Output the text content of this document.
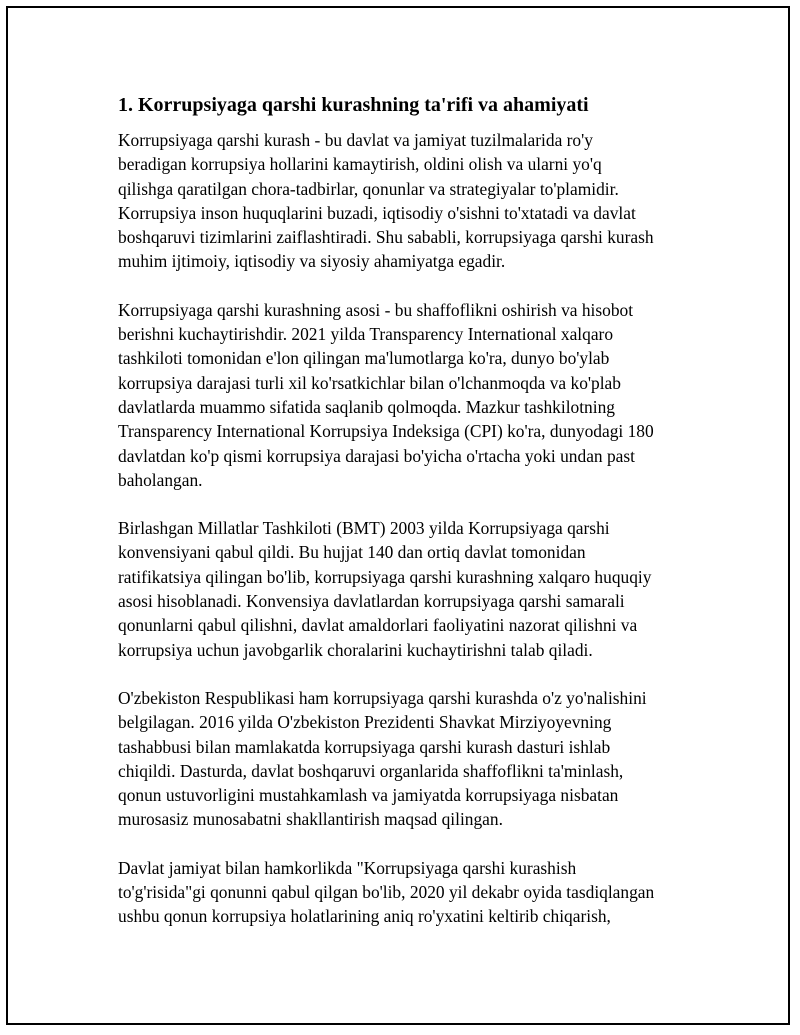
1. Korrupsiyaga qarshi kurashning ta'rifi va ahamiyati

Korrupsiyaga qarshi kurash - bu davlat va jamiyat tuzilmalarida ro'y
beradigan korrupsiya hollarini kamaytirish, oldini olish va ularni yo'q
qilishga qaratilgan chora-tadbirlar, qonunlar va strategiyalar to'plamidir.
Korrupsiya inson huquqlarini buzadi, iqtisodiy o'sishni to'xtatadi va davlat
boshqaruvi tizimlarini zaiflashtiradi. Shu sababli, korrupsiyaga qarshi kurash
muhim ijtimoiy, iqtisodiy va siyosiy ahamiyatga egadir.

Korrupsiyaga qarshi kurashning asosi - bu shaffoflikni oshirish va hisobot
berishni kuchaytirishdir. 2021 yilda Transparency International xalqaro
tashkiloti tomonidan e'lon qilingan ma'lumotlarga ko'ra, dunyo bo'ylab
korrupsiya darajasi turli xil ko'rsatkichlar bilan o'lchanmoqda va ko'plab
davlatlarda muammo sifatida saqlanib qolmoqda. Mazkur tashkilotning
Transparency International Korrupsiya Indeksiga (CPI) ko'ra, dunyodagi 180
davlatdan ko'p qismi korrupsiya darajasi bo'yicha o'rtacha yoki undan past
baholangan.

Birlashgan Millatlar Tashkiloti (BMT) 2003 yilda Korrupsiyaga qarshi
konvensiyani qabul qildi. Bu hujjat 140 dan ortiq davlat tomonidan
ratifikatsiya qilingan bo'lib, korrupsiyaga qarshi kurashning xalqaro huquqiy
asosi hisoblanadi. Konvensiya davlatlardan korrupsiyaga qarshi samarali
qonunlarni qabul qilishni, davlat amaldorlari faoliyatini nazorat qilishni va
korrupsiya uchun javobgarlik choralarini kuchaytirishni talab qiladi.

O'zbekiston Respublikasi ham korrupsiyaga qarshi kurashda o'z yo'nalishini
belgilagan. 2016 yilda O'zbekiston Prezidenti Shavkat Mirziyoyevning
tashabbusi bilan mamlakatda korrupsiyaga qarshi kurash dasturi ishlab
chiqildi. Dasturda, davlat boshqaruvi organlarida shaffoflikni ta'minlash,
qonun ustuvorligini mustahkamlash va jamiyatda korrupsiyaga nisbatan
murosasiz munosabatni shakllantirish maqsad qilingan.

Davlat jamiyat bilan hamkorlikda "Korrupsiyaga qarshi kurashish
to'g'risida"gi qonunni qabul qilgan bo'lib, 2020 yil dekabr oyida tasdiqlangan
ushbu qonun korrupsiya holatlarining aniq ro'yxatini keltirib chiqarish,
